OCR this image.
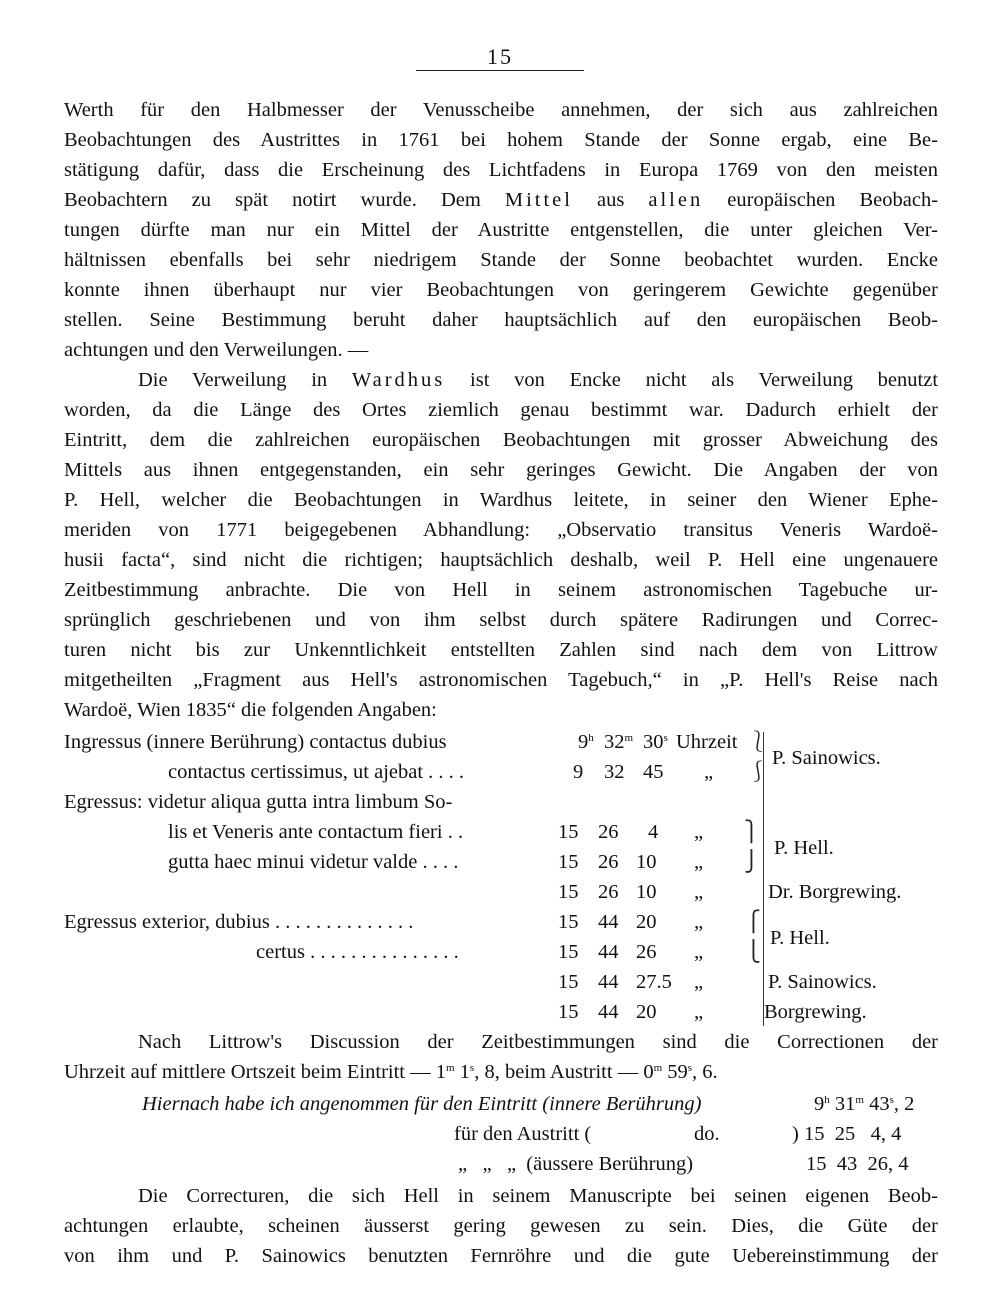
15
Werth für den Halbmesser der Venusscheibe annehmen, der sich aus zahlreichen
Beobachtungen des Austrittes in 1761 bei hohem Stande der Sonne ergab, eine Be-
stätigung dafür, dass die Erscheinung des Lichtfadens in Europa 1769 von den meisten
Beobachtern zu spät notirt wurde. Dem Mittel aus allen europäischen Beobach-
tungen dürfte man nur ein Mittel der Austritte entgenstellen, die unter gleichen Ver-
hältnissen ebenfalls bei sehr niedrigem Stande der Sonne beobachtet wurden. Encke
konnte ihnen überhaupt nur vier Beobachtungen von geringerem Gewichte gegenüber
stellen. Seine Bestimmung beruht daher hauptsächlich auf den europäischen Beob-
achtungen und den Verweilungen. —
Die Verweilung in Wardhus ist von Encke nicht als Verweilung benutzt
worden, da die Länge des Ortes ziemlich genau bestimmt war. Dadurch erhielt der
Eintritt, dem die zahlreichen europäischen Beobachtungen mit grosser Abweichung des
Mittels aus ihnen entgegenstanden, ein sehr geringes Gewicht. Die Angaben der von
P. Hell, welcher die Beobachtungen in Wardhus leitete, in seiner den Wiener Ephe-
meriden von 1771 beigegebenen Abhandlung: „Observatio transitus Veneris Wardoë-
husii facta“, sind nicht die richtigen; hauptsächlich deshalb, weil P. Hell eine ungenauere
Zeitbestimmung anbrachte. Die von Hell in seinem astronomischen Tagebuche ur-
sprünglich geschriebenen und von ihm selbst durch spätere Radirungen und Correc-
turen nicht bis zur Unkenntlichkeit entstellten Zahlen sind nach dem von Littrow
mitgetheilten „Fragment aus Hell's astronomischen Tagebuch,“ in „P. Hell's Reise nach
Wardoë, Wien 1835“ die folgenden Angaben:
Ingressus (innere Berührung) contactus dubius	9$^h$ 32$^m$ 30$^s$ Uhrzeit
contactus certissimus, ut ajebat . . . .	9 32 45 „
⎱
⎰
P. Sainowics.
Egressus: videtur aliqua gutta intra limbum So-
lis et Veneris ante contactum fieri . .	15 26 4 „
gutta haec minui videtur valde . . . .	15 26 10 „
⎫
⎭
P. Hell.
15 26 10 „	Dr. Borgrewing.
Egressus exterior, dubius . . . . . . . . . . . . . .	15 44 20 „
certus . . . . . . . . . . . . . . .	15 44 26 „
⎧
⎩
P. Hell.
15 44 27.5 „	P. Sainowics.
15 44 20 „	Borgrewing.
Nach Littrow's Discussion der Zeitbestimmungen sind die Correctionen der
Uhrzeit auf mittlere Ortszeit beim Eintritt — 1$^m$ 1$^s$, 8, beim Austritt — 0$^m$ 59$^s$, 6.
Hiernach habe ich angenommen für den Eintritt (innere Berührung)	9$^h$ 31$^m$ 43$^s$, 2
für den Austritt (	do.	) 15  25   4, 4
„   „   „  (äussere Berührung)	15  43  26, 4
Die Correcturen, die sich Hell in seinem Manuscripte bei seinen eigenen Beob-
achtungen erlaubte, scheinen äusserst gering gewesen zu sein. Dies, die Güte der
von ihm und P. Sainowics benutzten Fernröhre und die gute Uebereinstimmung der
